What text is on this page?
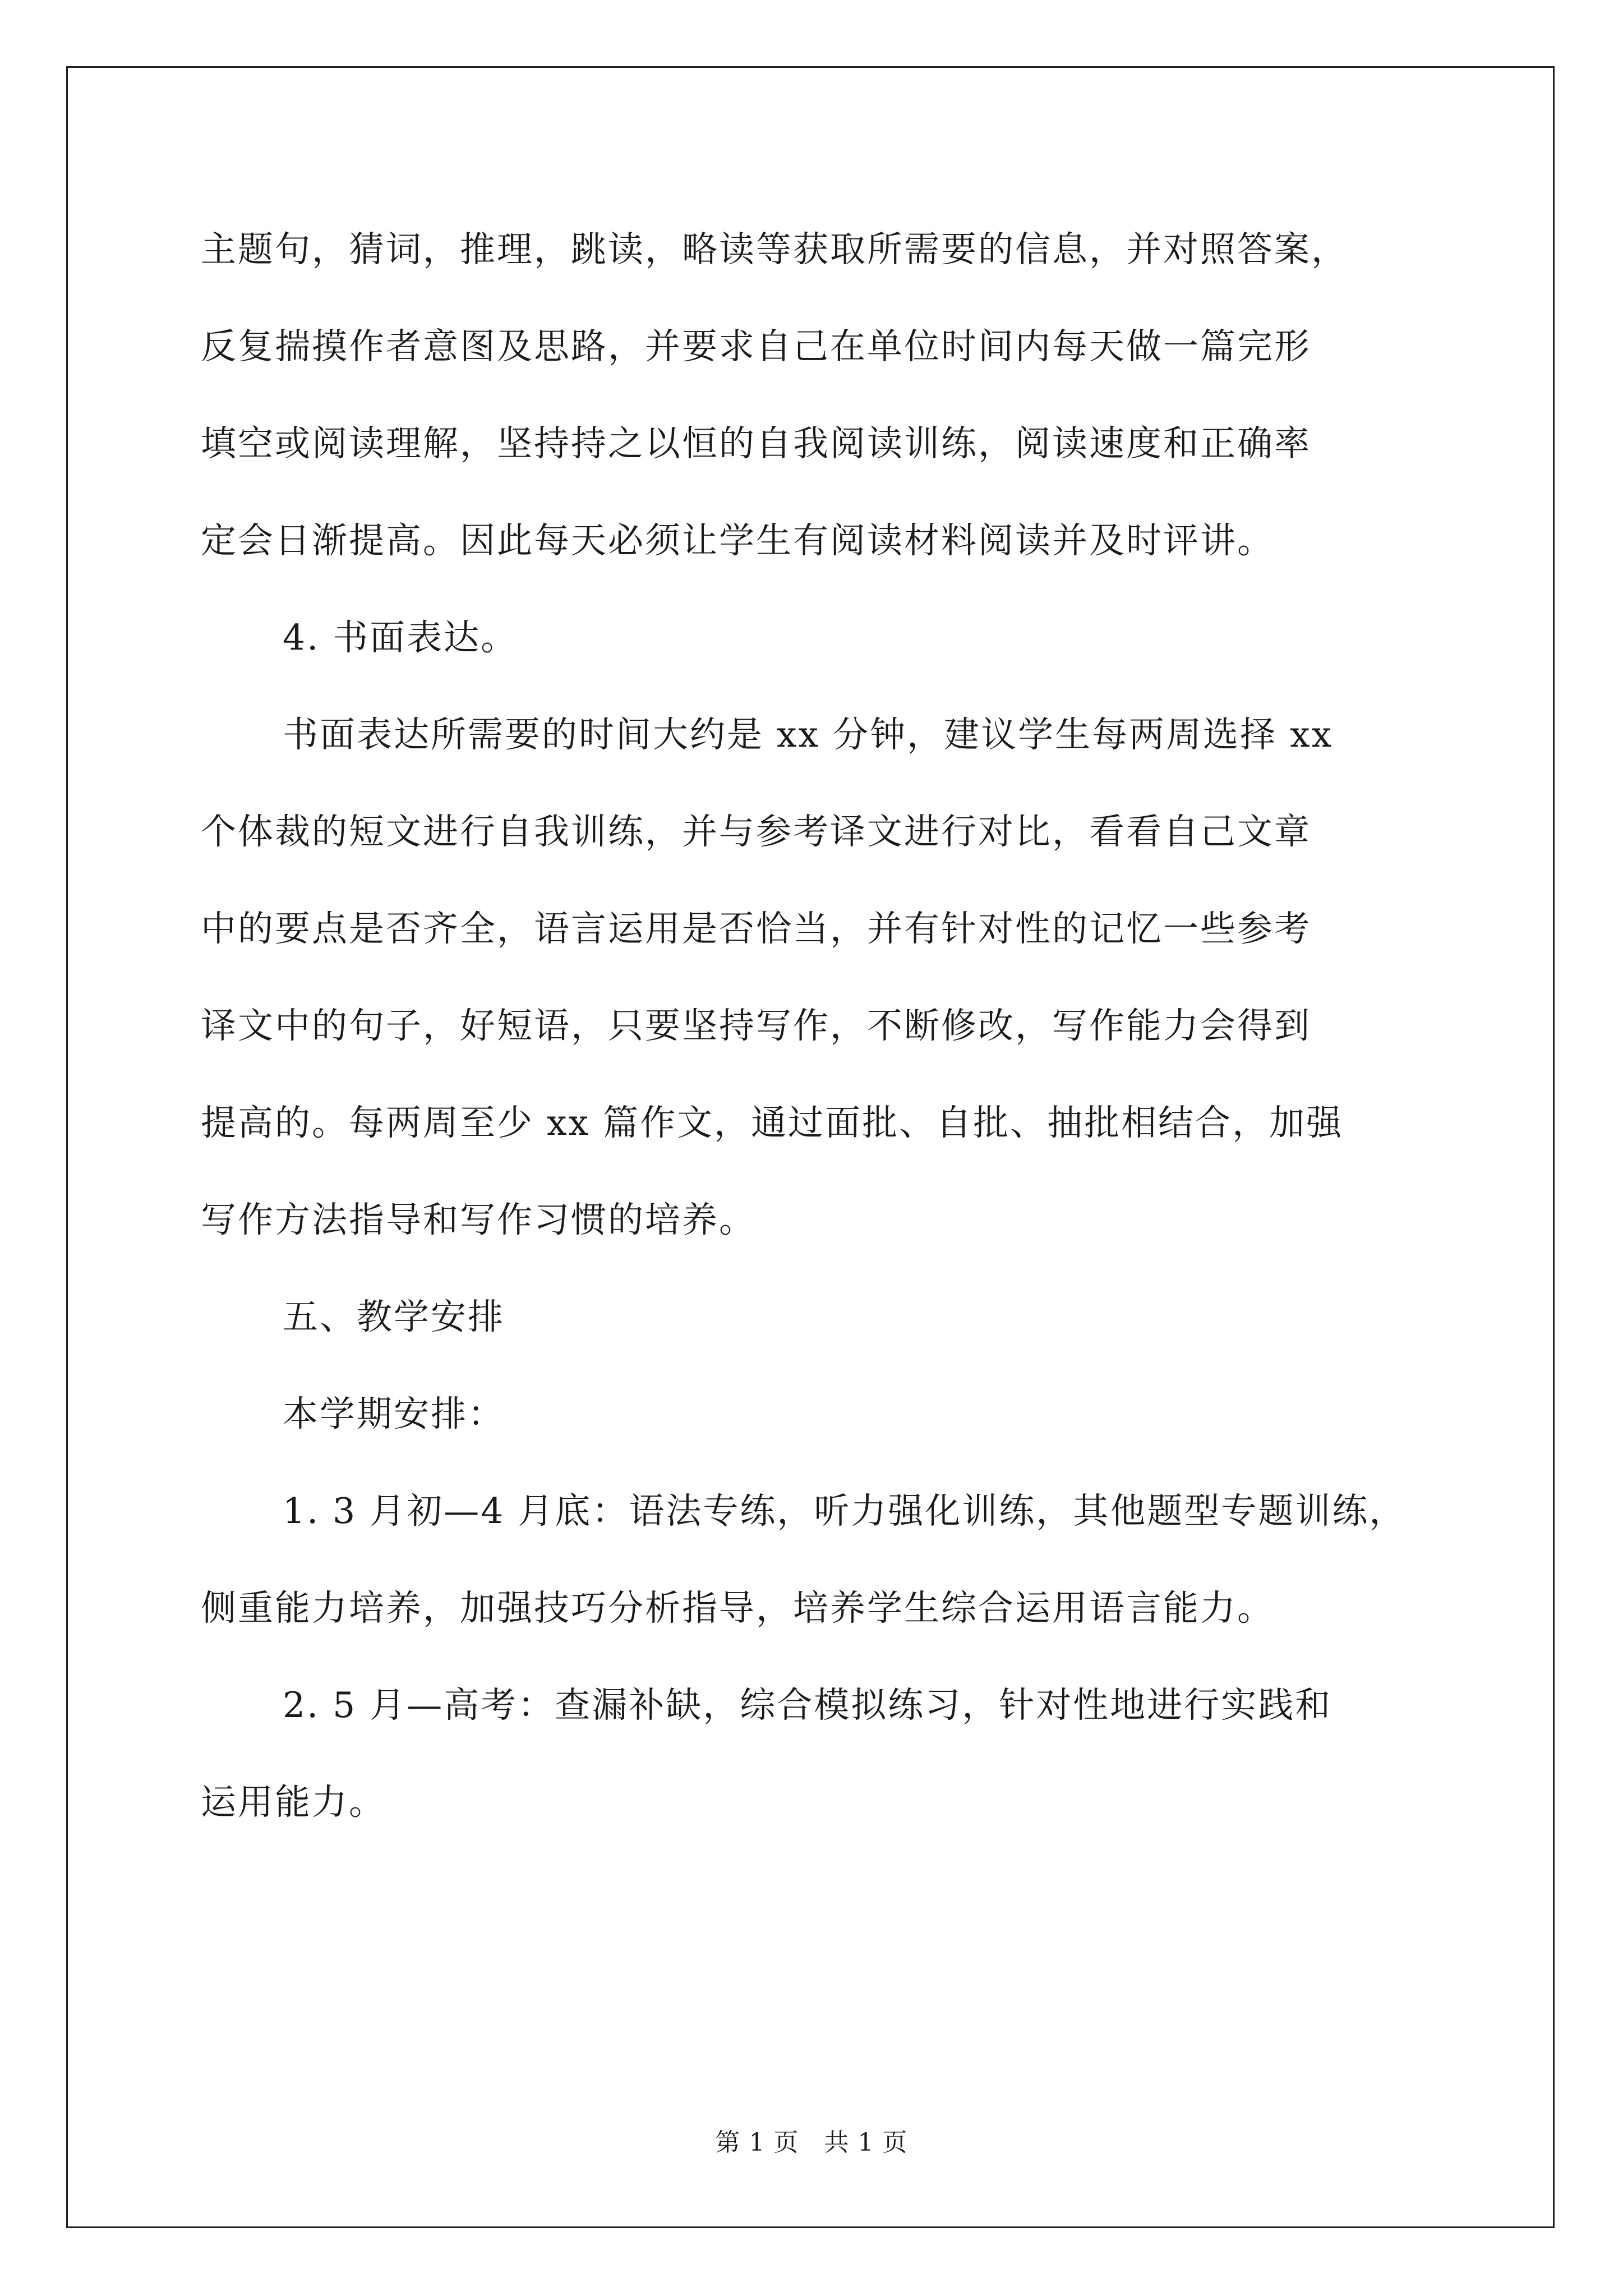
主题句，猜词，推理，跳读，略读等获取所需要的信息，并对照答案，
反复揣摸作者意图及思路，并要求自己在单位时间内每天做一篇完形
填空或阅读理解，坚持持之以恒的自我阅读训练，阅读速度和正确率
定会日渐提高。因此每天必须让学生有阅读材料阅读并及时评讲。
4. 书面表达。
书面表达所需要的时间大约是 xx 分钟，建议学生每两周选择 xx
个体裁的短文进行自我训练，并与参考译文进行对比，看看自己文章
中的要点是否齐全，语言运用是否恰当，并有针对性的记忆一些参考
译文中的句子，好短语，只要坚持写作，不断修改，写作能力会得到
提高的。每两周至少 xx 篇作文，通过面批、自批、抽批相结合，加强
写作方法指导和写作习惯的培养。
五、教学安排
本学期安排：
1. 3 月初—4 月底：语法专练，听力强化训练，其他题型专题训练，
侧重能力培养，加强技巧分析指导，培养学生综合运用语言能力。
2. 5 月—高考：查漏补缺，综合模拟练习，针对性地进行实践和
运用能力。
第 1 页　共 1 页
